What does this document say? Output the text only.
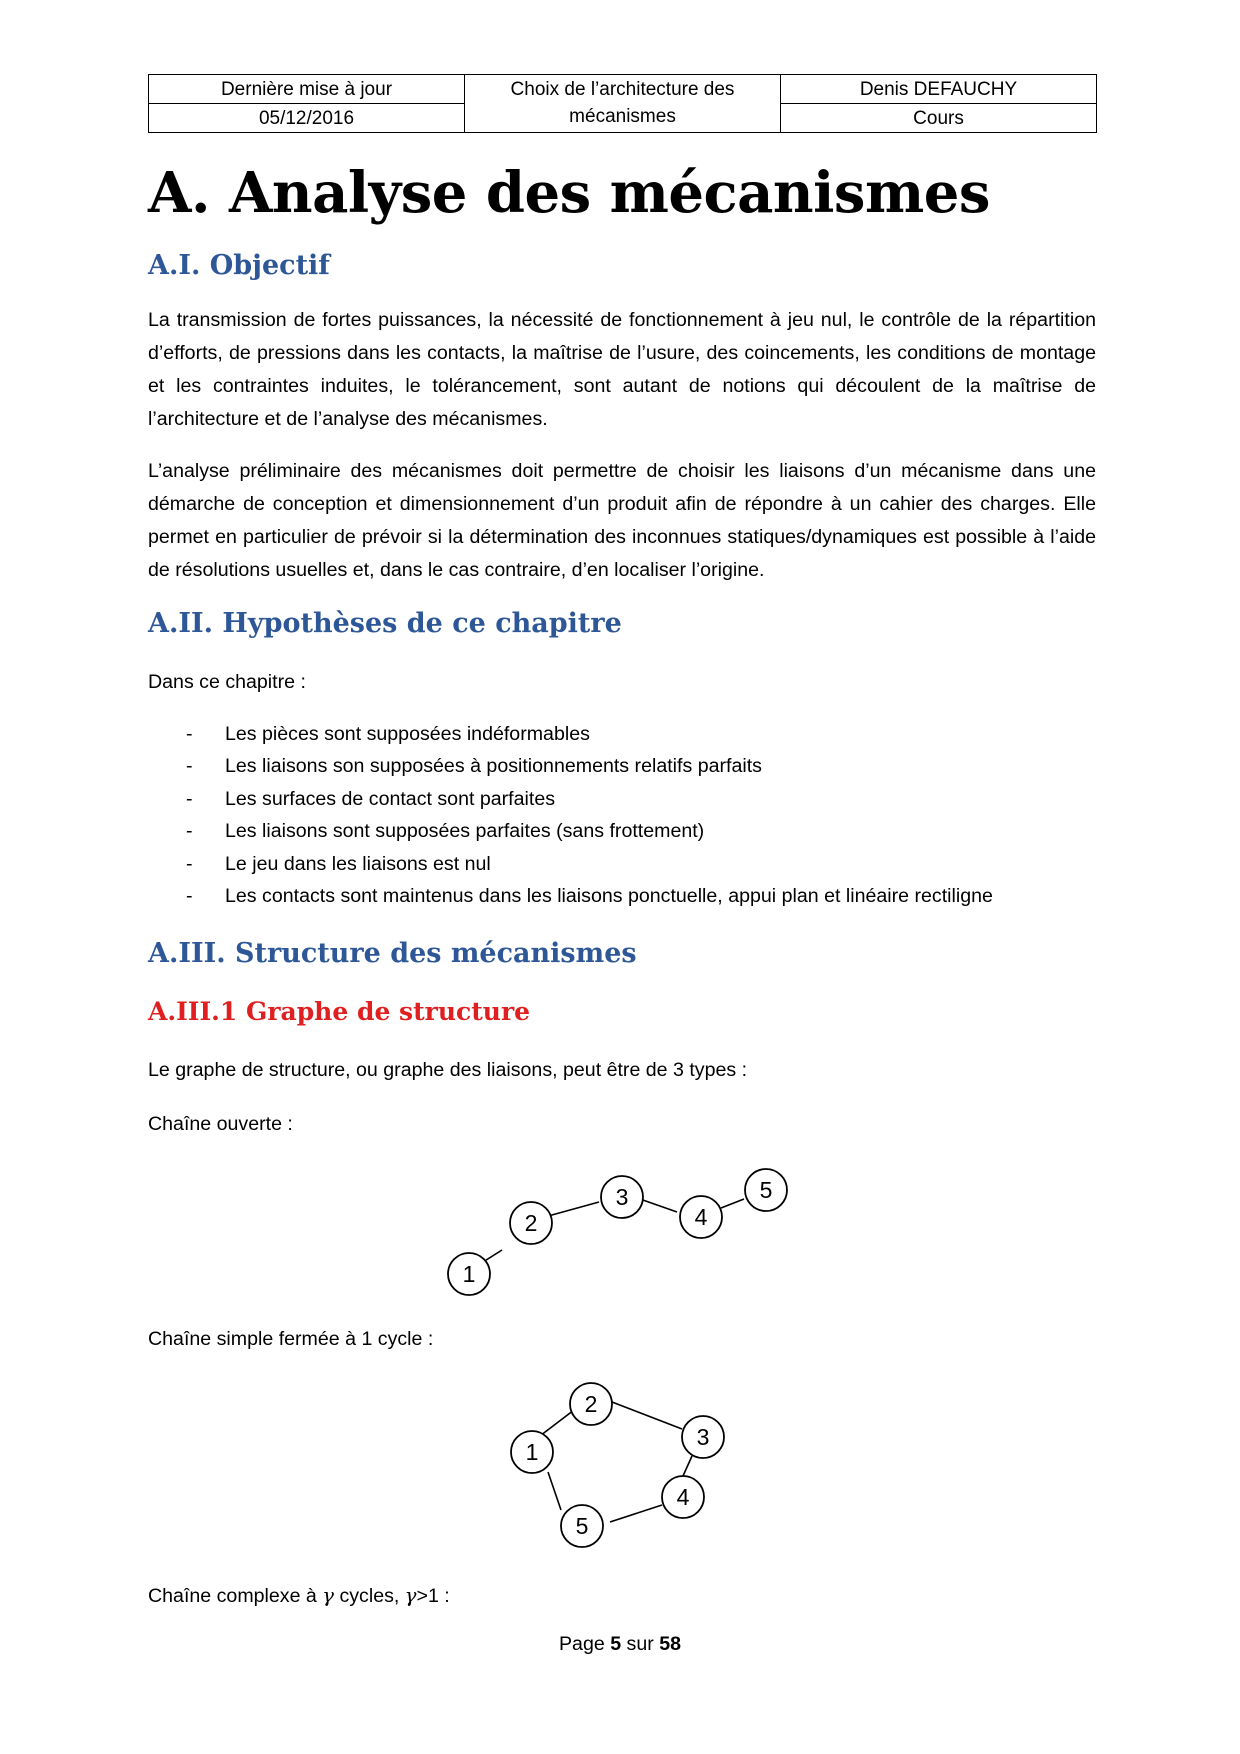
Dernière mise à jour	Choix de l’architecture des mécanismes	Denis DEFAUCHY
05/12/2016		Cours
A. Analyse des mécanismes
A.I. Objectif

La transmission de fortes puissances, la nécessité de fonctionnement à jeu nul, le contrôle de la répartition d’efforts, de pressions dans les contacts, la maîtrise de l’usure, des coincements, les conditions de montage et les contraintes induites, le tolérancement, sont autant de notions qui découlent de la maîtrise de l’architecture et de l’analyse des mécanismes.

L’analyse préliminaire des mécanismes doit permettre de choisir les liaisons d’un mécanisme dans une démarche de conception et dimensionnement d’un produit afin de répondre à un cahier des charges. Elle permet en particulier de prévoir si la détermination des inconnues statiques/dynamiques est possible à l’aide de résolutions usuelles et, dans le cas contraire, d’en localiser l’origine.

A.II. Hypothèses de ce chapitre

Dans ce chapitre :

- Les pièces sont supposées indéformables
- Les liaisons son supposées à positionnements relatifs parfaits
- Les surfaces de contact sont parfaites
- Les liaisons sont supposées parfaites (sans frottement)
- Le jeu dans les liaisons est nul
- Les contacts sont maintenus dans les liaisons ponctuelle, appui plan et linéaire rectiligne
A.III. Structure des mécanismes
A.III.1 Graphe de structure

Le graphe de structure, ou graphe des liaisons, peut être de 3 types :

Chaîne ouverte :

1
2
3
4
5

Chaîne simple fermée à 1 cycle :

1
2
3
4
5

Chaîne complexe à γ cycles, γ>1 :

Page 5 sur 58
